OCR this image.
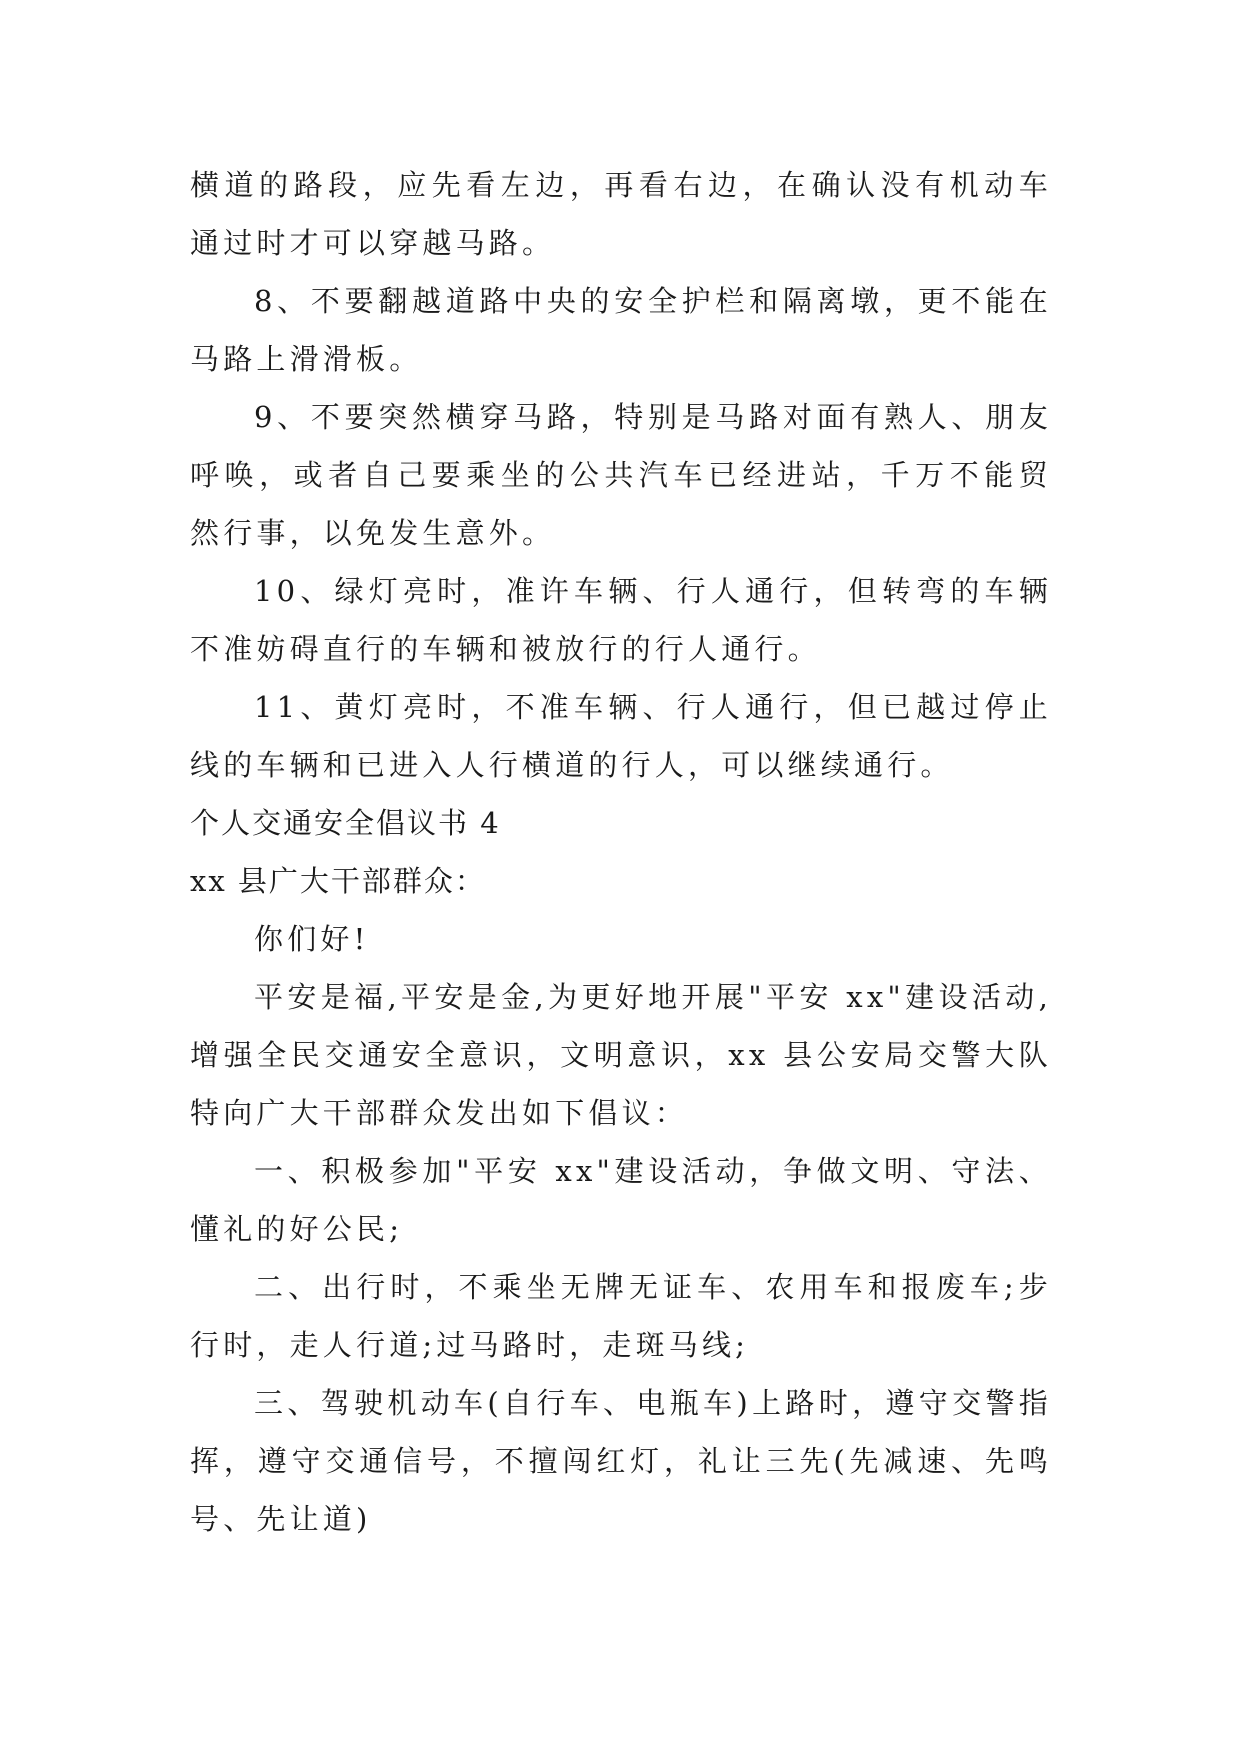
横道的路段，应先看左边，再看右边，在确认没有机动车通过时才可以穿越马路。

8、不要翻越道路中央的安全护栏和隔离墩，更不能在马路上滑滑板。

9、不要突然横穿马路，特别是马路对面有熟人、朋友呼唤，或者自己要乘坐的公共汽车已经进站，千万不能贸然行事，以免发生意外。

10、绿灯亮时，准许车辆、行人通行，但转弯的车辆不准妨碍直行的车辆和被放行的行人通行。

11、黄灯亮时，不准车辆、行人通行，但已越过停止线的车辆和已进入人行横道的行人，可以继续通行。

个人交通安全倡议书 4

xx 县广大干部群众：

你们好!

平安是福,平安是金,为更好地开展"平安 xx"建设活动,增强全民交通安全意识，文明意识，xx 县公安局交警大队特向广大干部群众发出如下倡议：

一、积极参加"平安 xx"建设活动，争做文明、守法、懂礼的好公民;

二、出行时，不乘坐无牌无证车、农用车和报废车;步行时，走人行道;过马路时，走斑马线;

三、驾驶机动车(自行车、电瓶车)上路时，遵守交警指挥，遵守交通信号，不擅闯红灯，礼让三先(先减速、先鸣号、先让道)
